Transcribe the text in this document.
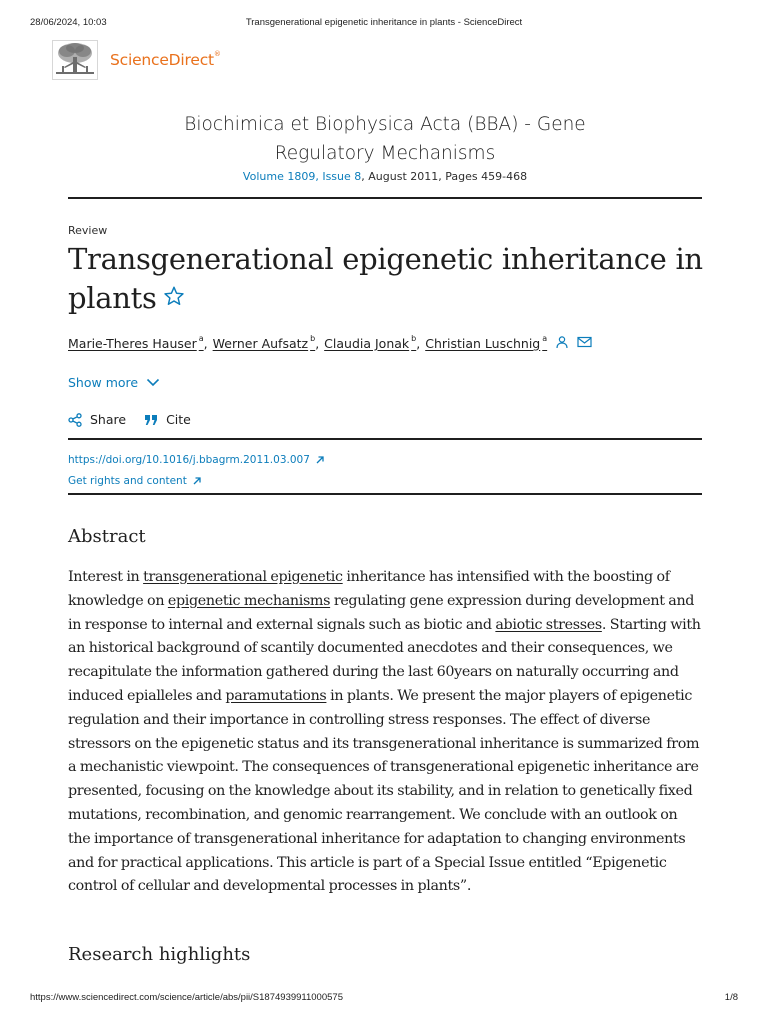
28/06/2024, 10:03	Transgenerational epigenetic inheritance in plants - ScienceDirect
ScienceDirect®
Biochimica et Biophysica Acta (BBA) - Gene
Regulatory Mechanisms
Volume 1809, Issue 8, August 2011, Pages 459-468
Review
Transgenerational epigenetic inheritance in
plants
Marie-Theres Hauser $^a$ , Werner Aufsatz $^b$ , Claudia Jonak $^b$ , Christian Luschnig $^a$
Show more
Share	Cite
https://doi.org/10.1016/j.bbagrm.2011.03.007
Get rights and content
Abstract

Interest in transgenerational epigenetic inheritance has intensified with the boosting of knowledge on epigenetic mechanisms regulating gene expression during development and in response to internal and external signals such as biotic and abiotic stresses. Starting with an historical background of scantily documented anecdotes and their consequences, we recapitulate the information gathered during the last 60years on naturally occurring and induced epialleles and paramutations in plants. We present the major players of epigenetic regulation and their importance in controlling stress responses. The effect of diverse stressors on the epigenetic status and its transgenerational inheritance is summarized from a mechanistic viewpoint. The consequences of transgenerational epigenetic inheritance are presented, focusing on the knowledge about its stability, and in relation to genetically fixed mutations, recombination, and genomic rearrangement. We conclude with an outlook on the importance of transgenerational inheritance for adaptation to changing environments and for practical applications. This article is part of a Special Issue entitled “Epigenetic control of cellular and developmental processes in plants”.

Research highlights
https://www.sciencedirect.com/science/article/abs/pii/S1874939911000575	1/8
